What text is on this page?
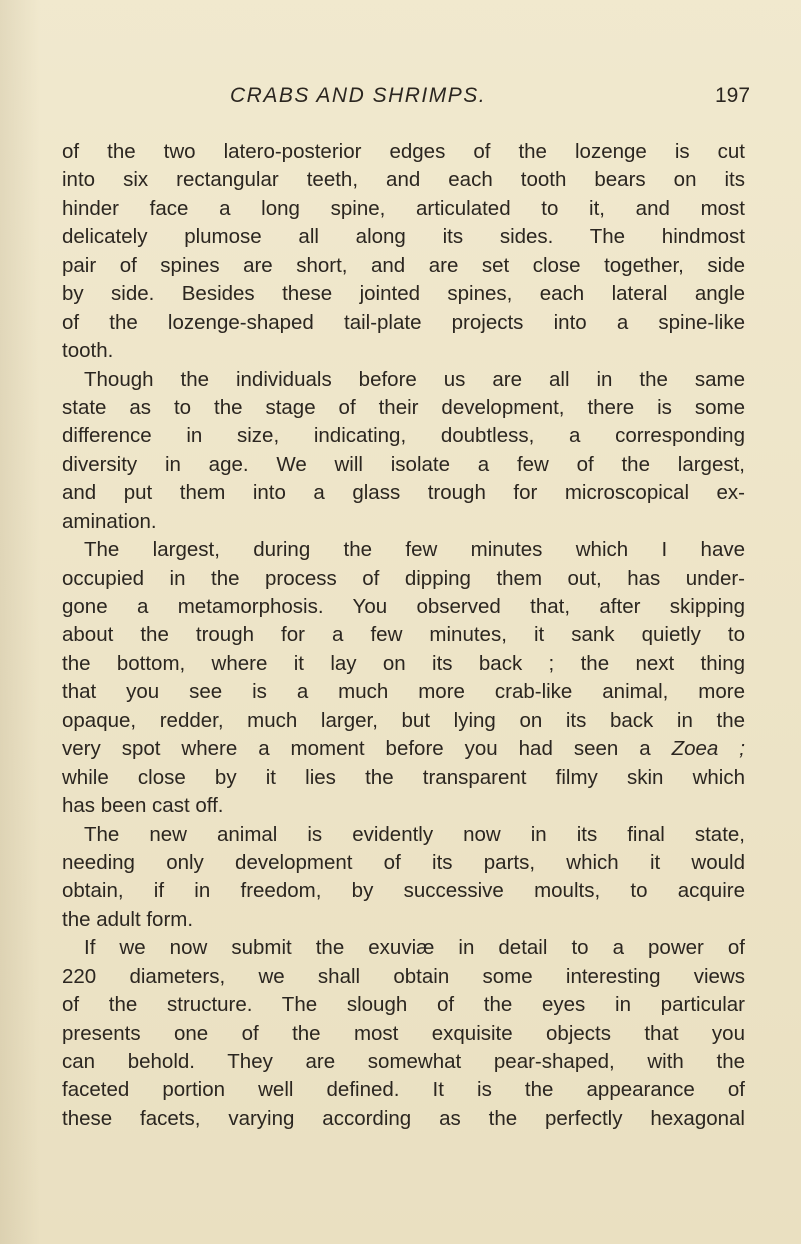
CRABS AND SHRIMPS.	197
of the two latero-posterior edges of the lozenge is cut
into six rectangular teeth, and each tooth bears on its
hinder face a long spine, articulated to it, and most
delicately plumose all along its sides. The hindmost
pair of spines are short, and are set close together, side
by side. Besides these jointed spines, each lateral angle
of the lozenge-shaped tail-plate projects into a spine-like
tooth.
Though the individuals before us are all in the same
state as to the stage of their development, there is some
difference in size, indicating, doubtless, a corresponding
diversity in age. We will isolate a few of the largest,
and put them into a glass trough for microscopical ex-
amination.
The largest, during the few minutes which I have
occupied in the process of dipping them out, has under-
gone a metamorphosis. You observed that, after skipping
about the trough for a few minutes, it sank quietly to
the bottom, where it lay on its back ; the next thing
that you see is a much more crab-like animal, more
opaque, redder, much larger, but lying on its back in the
very spot where a moment before you had seen a Zoea ;
while close by it lies the transparent filmy skin which
has been cast off.
The new animal is evidently now in its final state,
needing only development of its parts, which it would
obtain, if in freedom, by successive moults, to acquire
the adult form.
If we now submit the exuviæ in detail to a power of
220 diameters, we shall obtain some interesting views
of the structure. The slough of the eyes in particular
presents one of the most exquisite objects that you
can behold. They are somewhat pear-shaped, with the
faceted portion well defined. It is the appearance of
these facets, varying according as the perfectly hexagonal
